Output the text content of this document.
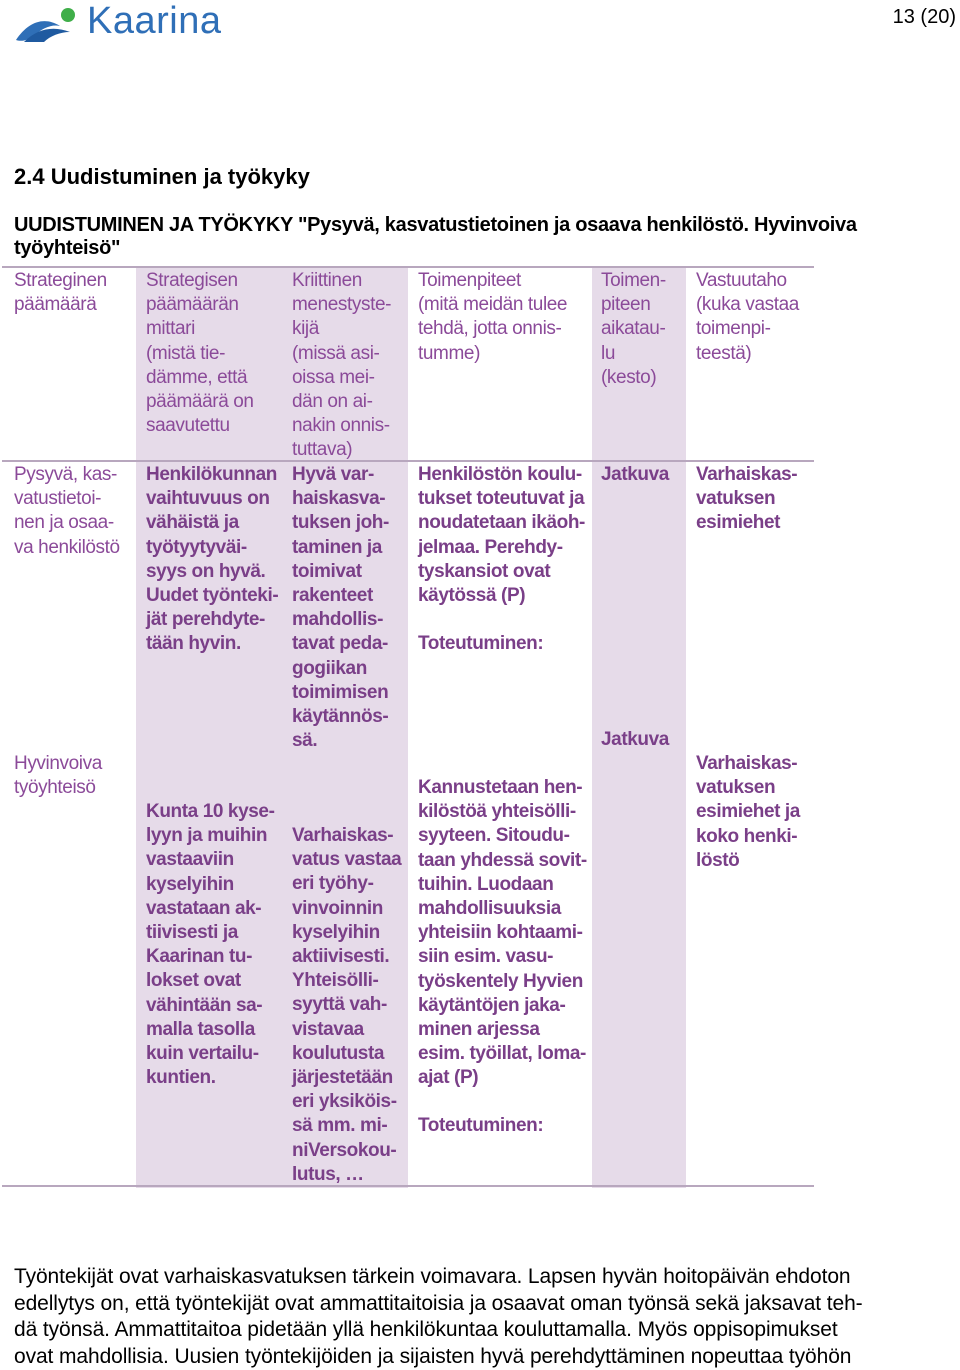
Kaarina	13 (20)
2.4 Uudistuminen ja työkyky
UUDISTUMINEN JA TYÖKYKY "Pysyvä, kasvatustietoinen ja osaava henkilöstö. Hyvinvoiva työyhteisö"
Strateginen
päämäärä
Strategisen
päämäärän
mittari
(mistä tie-
dämme, että
päämäärä on
saavutettu
Kriittinen
menestyste-
kijä
(missä asi-
oissa mei-
dän on ai-
nakin onnis-
tuttava)
Toimenpiteet
(mitä meidän tulee
tehdä, jotta onnis-
tumme)
Toimen-
piteen
aikatau-
lu
(kesto)
Vastuutaho
(kuka vastaa
toimenpi-
teestä)
Pysyvä, kas-
vatustietoi-
nen ja osaa-
va henkilöstö
Henkilökunnan
vaihtuvuus on
vähäistä ja
työtyytyväi-
syys on hyvä.
Uudet työnteki-
jät perehdyte-
tään hyvin.
Hyvä var-
haiskasva-
tuksen joh-
taminen ja
toimivat
rakenteet
mahdollis-
tavat peda-
gogiikan
toimimisen
käytännös-
sä.
Henkilöstön koulu-
tukset toteutuvat ja
noudatetaan ikäoh-
jelmaa. Perehdy-
tyskansiot ovat
käytössä (P)
Toteutuminen:
Jatkuva Varhaiskas-
vatuksen
esimiehet
Hyvinvoiva
työyhteisö
Kunta 10 kyse-
lyyn ja muihin
vastaaviin
kyselyihin
vastataan ak-
tiivisesti ja
Kaarinan tu-
lokset ovat
vähintään sa-
malla tasolla
kuin vertailu-
kuntien.
Varhaiskas-
vatus vastaa
eri työhy-
vinvoinnin
kyselyihin
aktiivisesti.
Yhteisölli-
syyttä vah-
vistavaa
koulutusta
järjestetään
eri yksiköis-
sä mm. mi-
niVersokou-
lutus, …
Kannustetaan hen-
kilöstöä yhteisölli-
syyteen. Sitoudu-
taan yhdessä sovit-
tuihin. Luodaan
mahdollisuuksia
yhteisiin kohtaami-
siin esim. vasu-
työskentely Hyvien
käytäntöjen jaka-
minen arjessa
esim. työillat, loma-
ajat (P)
Toteutuminen:
Jatkuva
Varhaiskas-
vatuksen
esimiehet ja
koko henki-
löstö
Työntekijät ovat varhaiskasvatuksen tärkein voimavara. Lapsen hyvän hoitopäivän ehdoton
edellytys on, että työntekijät ovat ammattitaitoisia ja osaavat oman työnsä sekä jaksavat teh-
dä työnsä. Ammattitaitoa pidetään yllä henkilökuntaa kouluttamalla. Myös oppisopimukset
ovat mahdollisia. Uusien työntekijöiden ja sijaisten hyvä perehdyttäminen nopeuttaa työhön
